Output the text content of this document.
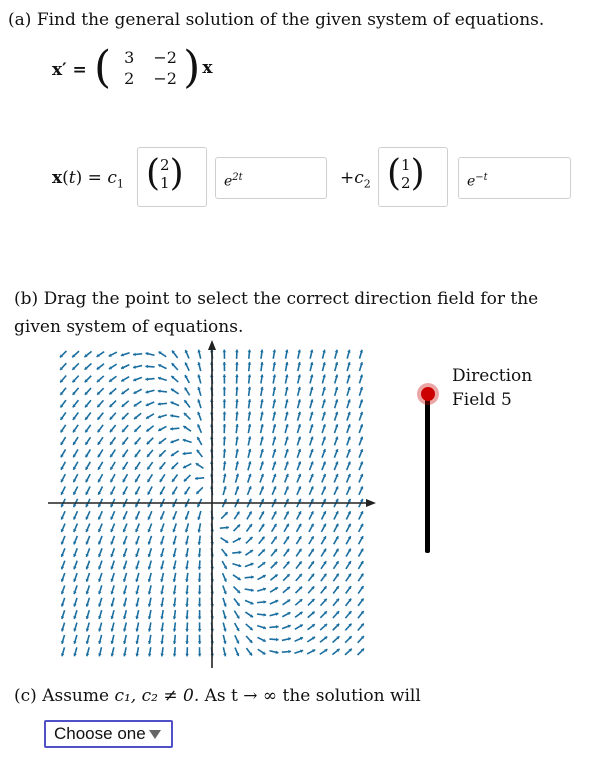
(a) Find the general solution of the given system of equations.
x′ = ( 3	−2
2	−2 ) x
$x(t) = c_1$ ( 2
1 )	$e^{2t}$	$+c_2$ ( 1
2 )	$e^{-t}$
(b) Drag the point to select the correct direction field for the given system of equations.
Direction
Field 5
(c) Assume c₁, c₂ ≠ 0. As t → ∞ the solution will
Choose one
